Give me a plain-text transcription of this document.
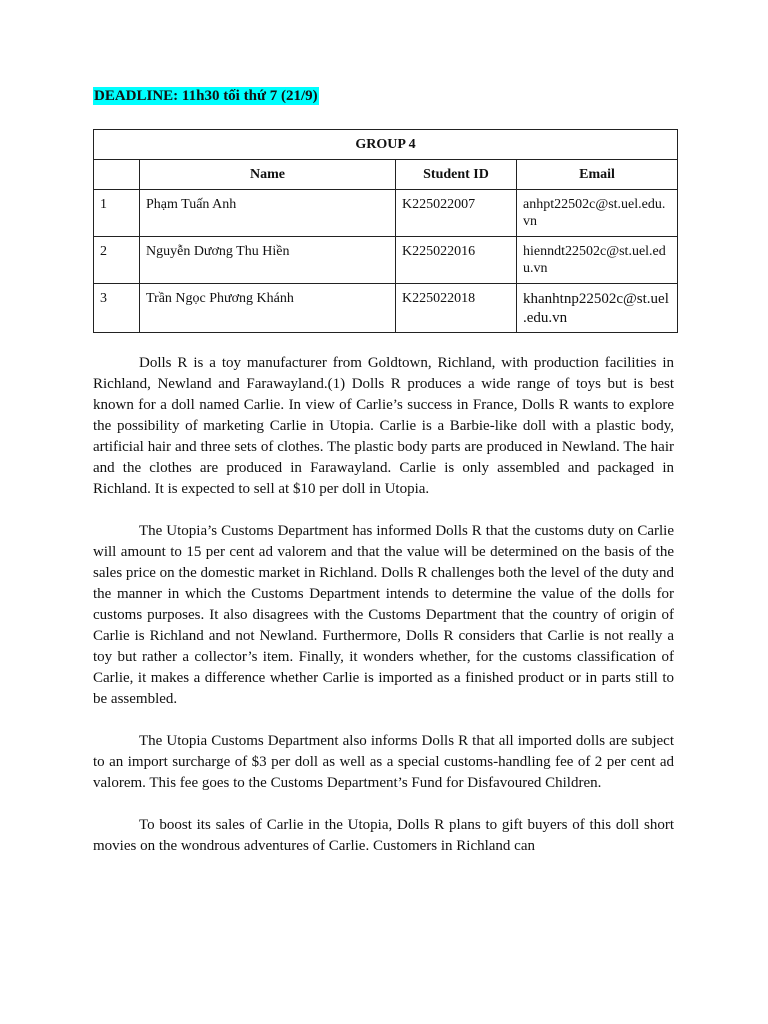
DEADLINE: 11h30 tối thứ 7 (21/9)
GROUP 4			
	Name	Student ID	Email
1	Phạm Tuấn Anh	K225022007	anhpt22502c@st.uel.edu.vn
2	Nguyễn Dương Thu Hiền	K225022016	hienndt22502c@st.uel.edu.vn
3	Trần Ngọc Phương Khánh	K225022018	khanhtnp22502c@st.uel.edu.vn

Dolls R is a toy manufacturer from Goldtown, Richland, with production facilities in Richland, Newland and Farawayland.(1) Dolls R produces a wide range of toys but is best known for a doll named Carlie. In view of Carlie’s success in France, Dolls R wants to explore the possibility of marketing Carlie in Utopia. Carlie is a Barbie-like doll with a plastic body, artificial hair and three sets of clothes. The plastic body parts are produced in Newland. The hair and the clothes are produced in Farawayland. Carlie is only assembled and packaged in Richland. It is expected to sell at $10 per doll in Utopia.

The Utopia’s Customs Department has informed Dolls R that the customs duty on Carlie will amount to 15 per cent ad valorem and that the value will be determined on the basis of the sales price on the domestic market in Richland. Dolls R challenges both the level of the duty and the manner in which the Customs Department intends to determine the value of the dolls for customs purposes. It also disagrees with the Customs Department that the country of origin of Carlie is Richland and not Newland. Furthermore, Dolls R considers that Carlie is not really a toy but rather a collector’s item. Finally, it wonders whether, for the customs classification of Carlie, it makes a difference whether Carlie is imported as a finished product or in parts still to be assembled.

The Utopia Customs Department also informs Dolls R that all imported dolls are subject to an import surcharge of $3 per doll as well as a special customs-handling fee of 2 per cent ad valorem. This fee goes to the Customs Department’s Fund for Disfavoured Children.

To boost its sales of Carlie in the Utopia, Dolls R plans to gift buyers of this doll short movies on the wondrous adventures of Carlie. Customers in Richland can
